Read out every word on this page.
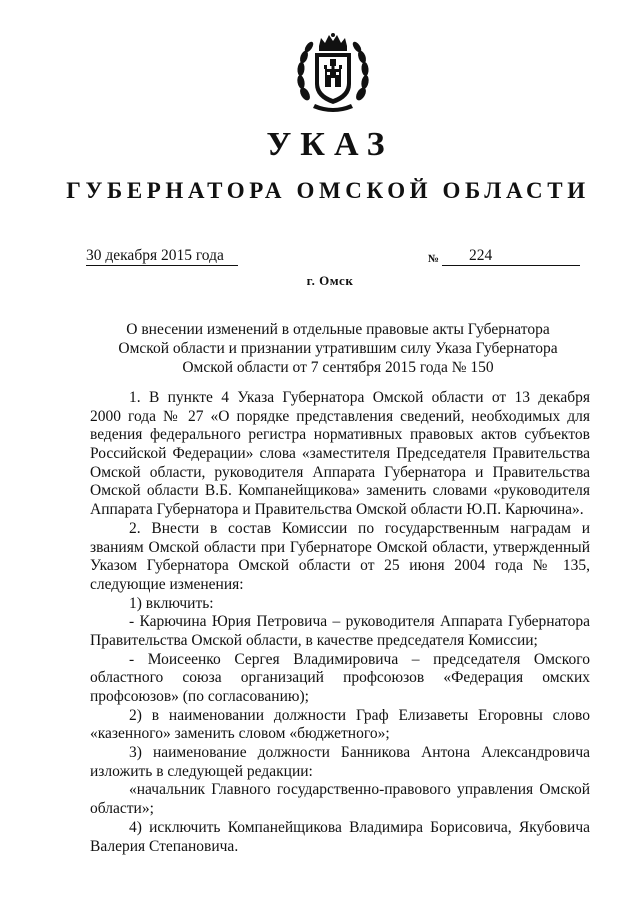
УКАЗ
ГУБЕРНАТОРА ОМСКОЙ ОБЛАСТИ
30 декабря 2015 года	№	224
г. Омск
О внесении изменений в отдельные правовые акты Губернатора
Омской области и признании утратившим силу Указа Губернатора
Омской области от 7 сентября 2015 года № 150
1. В пункте 4 Указа Губернатора Омской области от 13 декабря
2000 года № 27 «О порядке представления сведений, необходимых для
ведения федерального регистра нормативных правовых актов субъектов
Российской Федерации» слова «заместителя Председателя Правительства
Омской области, руководителя Аппарата Губернатора и Правительства
Омской области В.Б. Компанейщикова» заменить словами «руководителя
Аппарата Губернатора и Правительства Омской области Ю.П. Карючина».
2. Внести в состав Комиссии по государственным наградам и
званиям Омской области при Губернаторе Омской области, утвержденный
Указом Губернатора Омской области от 25 июня 2004 года № 135,
следующие изменения:
1) включить:
- Карючина Юрия Петровича – руководителя Аппарата Губернатора
Правительства Омской области, в качестве председателя Комиссии;
- Моисеенко Сергея Владимировича – председателя Омского
областного союза организаций профсоюзов «Федерация омских
профсоюзов» (по согласованию);
2) в наименовании должности Граф Елизаветы Егоровны слово
«казенного» заменить словом «бюджетного»;
3) наименование должности Банникова Антона Александровича
изложить в следующей редакции:
«начальник Главного государственно-правового управления Омской
области»;
4) исключить Компанейщикова Владимира Борисовича, Якубовича
Валерия Степановича.
